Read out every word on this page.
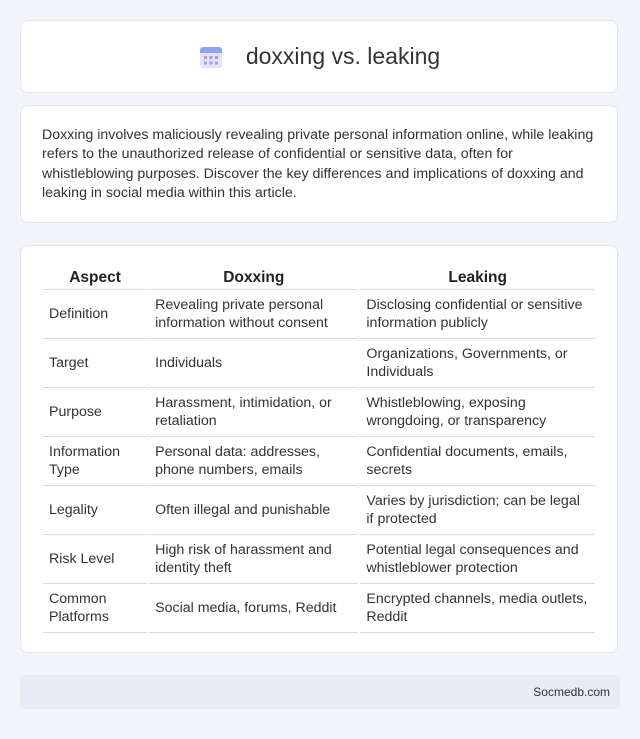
doxxing vs. leaking

Doxxing involves maliciously revealing private personal information online, while leaking refers to the unauthorized release of confidential or sensitive data, often for whistleblowing purposes. Discover the key differences and implications of doxxing and leaking in social media within this article.

Aspect	Doxxing	Leaking
Definition	Revealing private personal information without consent	Disclosing confidential or sensitive information publicly
Target	Individuals	Organizations, Governments, or Individuals
Purpose	Harassment, intimidation, or retaliation	Whistleblowing, exposing wrongdoing, or transparency
Information Type	Personal data: addresses, phone numbers, emails	Confidential documents, emails, secrets
Legality	Often illegal and punishable	Varies by jurisdiction; can be legal if protected
Risk Level	High risk of harassment and identity theft	Potential legal consequences and whistleblower protection
Common Platforms	Social media, forums, Reddit	Encrypted channels, media outlets, Reddit
Socmedb.com
